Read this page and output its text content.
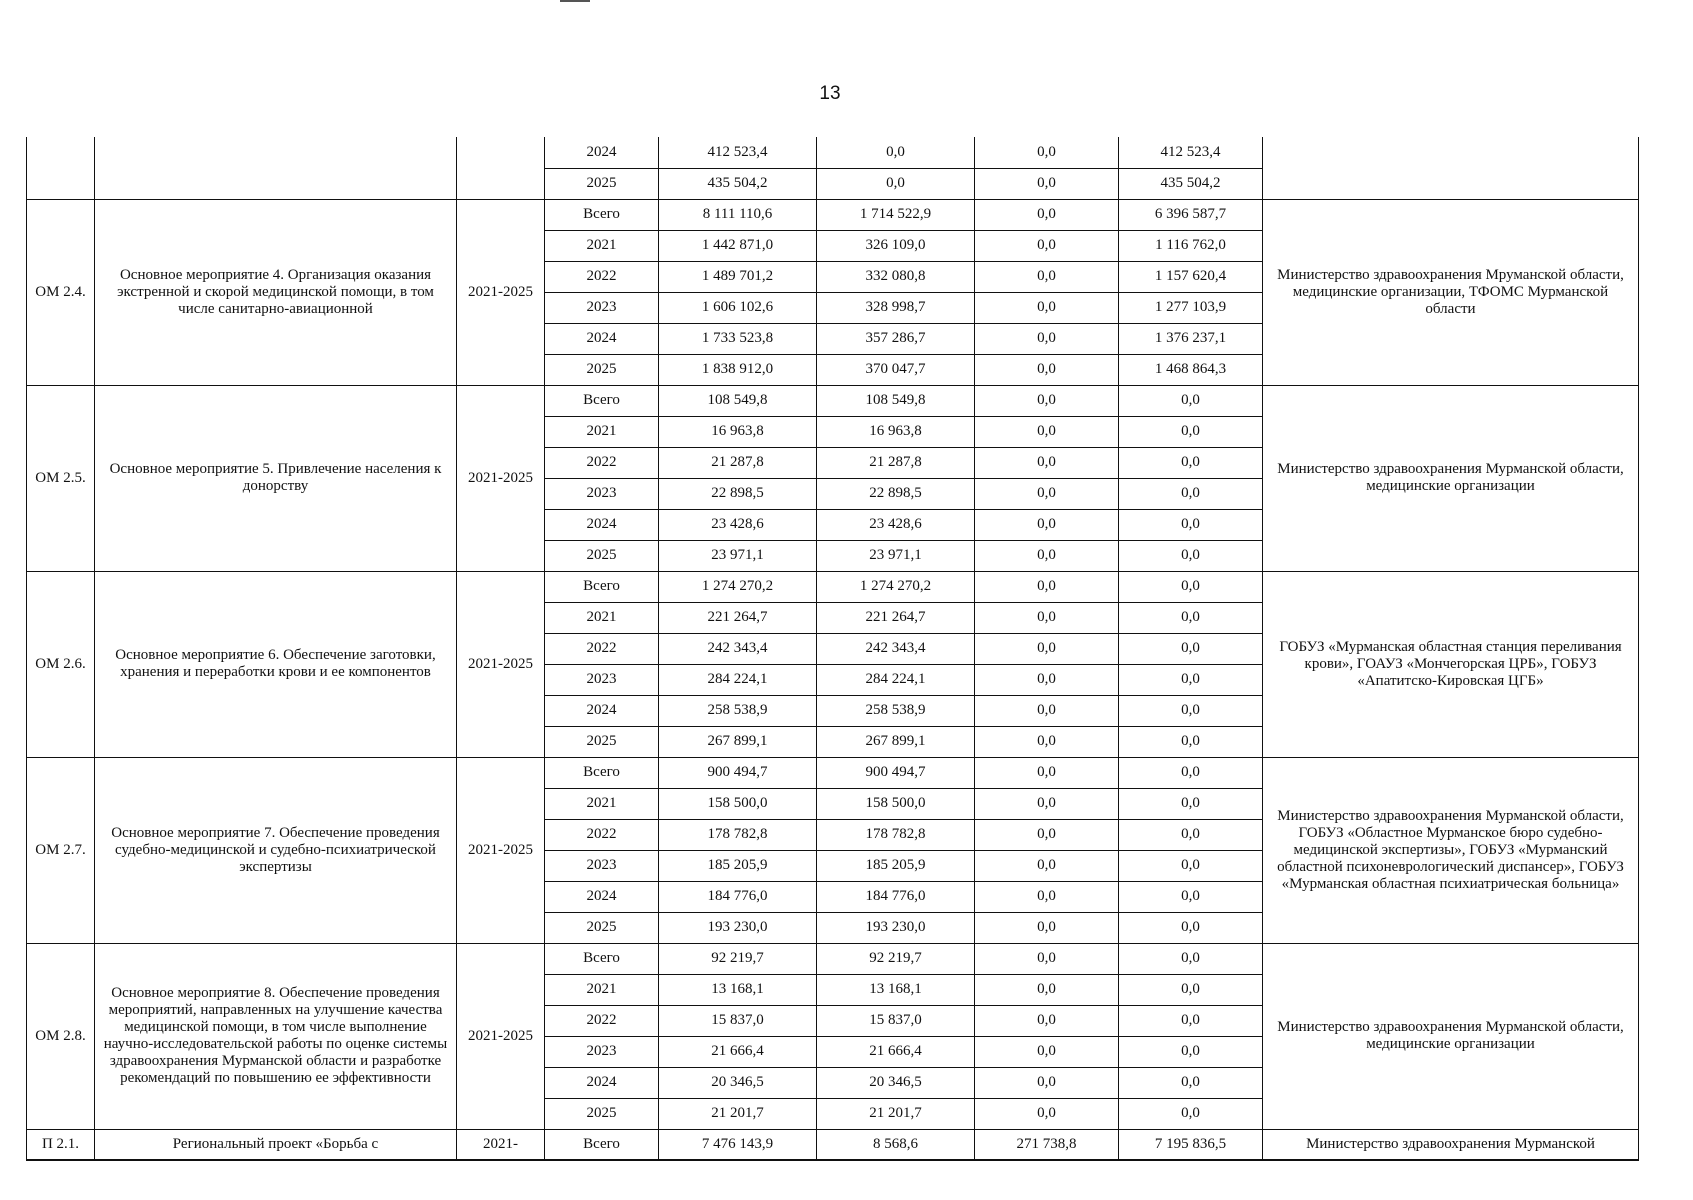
13
			2024	412 523,4	0,0	0,0	412 523,4	
			2025	435 504,2	0,0	0,0	435 504,2	
ОМ 2.4.	Основное мероприятие 4. Организация оказания экстренной и скорой медицинской помощи, в том числе санитарно-авиационной	2021-2025	Всего	8 111 110,6	1 714 522,9	0,0	6 396 587,7	Министерство здравоохранения Мруманской области, медицинские организации, ТФОМС Мурманской области
			2021	1 442 871,0	326 109,0	0,0	1 116 762,0	
			2022	1 489 701,2	332 080,8	0,0	1 157 620,4	
			2023	1 606 102,6	328 998,7	0,0	1 277 103,9	
			2024	1 733 523,8	357 286,7	0,0	1 376 237,1	
			2025	1 838 912,0	370 047,7	0,0	1 468 864,3	
ОМ 2.5.	Основное мероприятие 5. Привлечение населения к донорству	2021-2025	Всего	108 549,8	108 549,8	0,0	0,0	Министерство здравоохранения Мурманской области, медицинские организации
			2021	16 963,8	16 963,8	0,0	0,0	
			2022	21 287,8	21 287,8	0,0	0,0	
			2023	22 898,5	22 898,5	0,0	0,0	
			2024	23 428,6	23 428,6	0,0	0,0	
			2025	23 971,1	23 971,1	0,0	0,0	
ОМ 2.6.	Основное мероприятие 6. Обеспечение заготовки, хранения и переработки крови и ее компонентов	2021-2025	Всего	1 274 270,2	1 274 270,2	0,0	0,0	ГОБУЗ «Мурманская областная станция переливания крови», ГОАУЗ «Мончегорская ЦРБ», ГОБУЗ «Апатитско-Кировская ЦГБ»
			2021	221 264,7	221 264,7	0,0	0,0	
			2022	242 343,4	242 343,4	0,0	0,0	
			2023	284 224,1	284 224,1	0,0	0,0	
			2024	258 538,9	258 538,9	0,0	0,0	
			2025	267 899,1	267 899,1	0,0	0,0	
ОМ 2.7.	Основное мероприятие 7. Обеспечение проведения судебно-медицинской и судебно-психиатрической экспертизы	2021-2025	Всего	900 494,7	900 494,7	0,0	0,0	Министерство здравоохранения Мурманской области, ГОБУЗ «Областное Мурманское бюро судебно-медицинской экспертизы», ГОБУЗ «Мурманский областной психоневрологический диспансер», ГОБУЗ «Мурманская областная психиатрическая больница»
			2021	158 500,0	158 500,0	0,0	0,0	
			2022	178 782,8	178 782,8	0,0	0,0	
			2023	185 205,9	185 205,9	0,0	0,0	
			2024	184 776,0	184 776,0	0,0	0,0	
			2025	193 230,0	193 230,0	0,0	0,0	
ОМ 2.8.	Основное мероприятие 8. Обеспечение проведения мероприятий, направленных на улучшение качества медицинской помощи, в том числе выполнение научно-исследовательской работы по оценке системы здравоохранения Мурманской области и разработке рекомендаций по повышению ее эффективности	2021-2025	Всего	92 219,7	92 219,7	0,0	0,0	Министерство здравоохранения Мурманской области, медицинские организации
			2021	13 168,1	13 168,1	0,0	0,0	
			2022	15 837,0	15 837,0	0,0	0,0	
			2023	21 666,4	21 666,4	0,0	0,0	
			2024	20 346,5	20 346,5	0,0	0,0	
			2025	21 201,7	21 201,7	0,0	0,0	
П 2.1.	Региональный проект «Борьба с	2021-	Всего	7 476 143,9	8 568,6	271 738,8	7 195 836,5	Министерство здравоохранения Мурманской
